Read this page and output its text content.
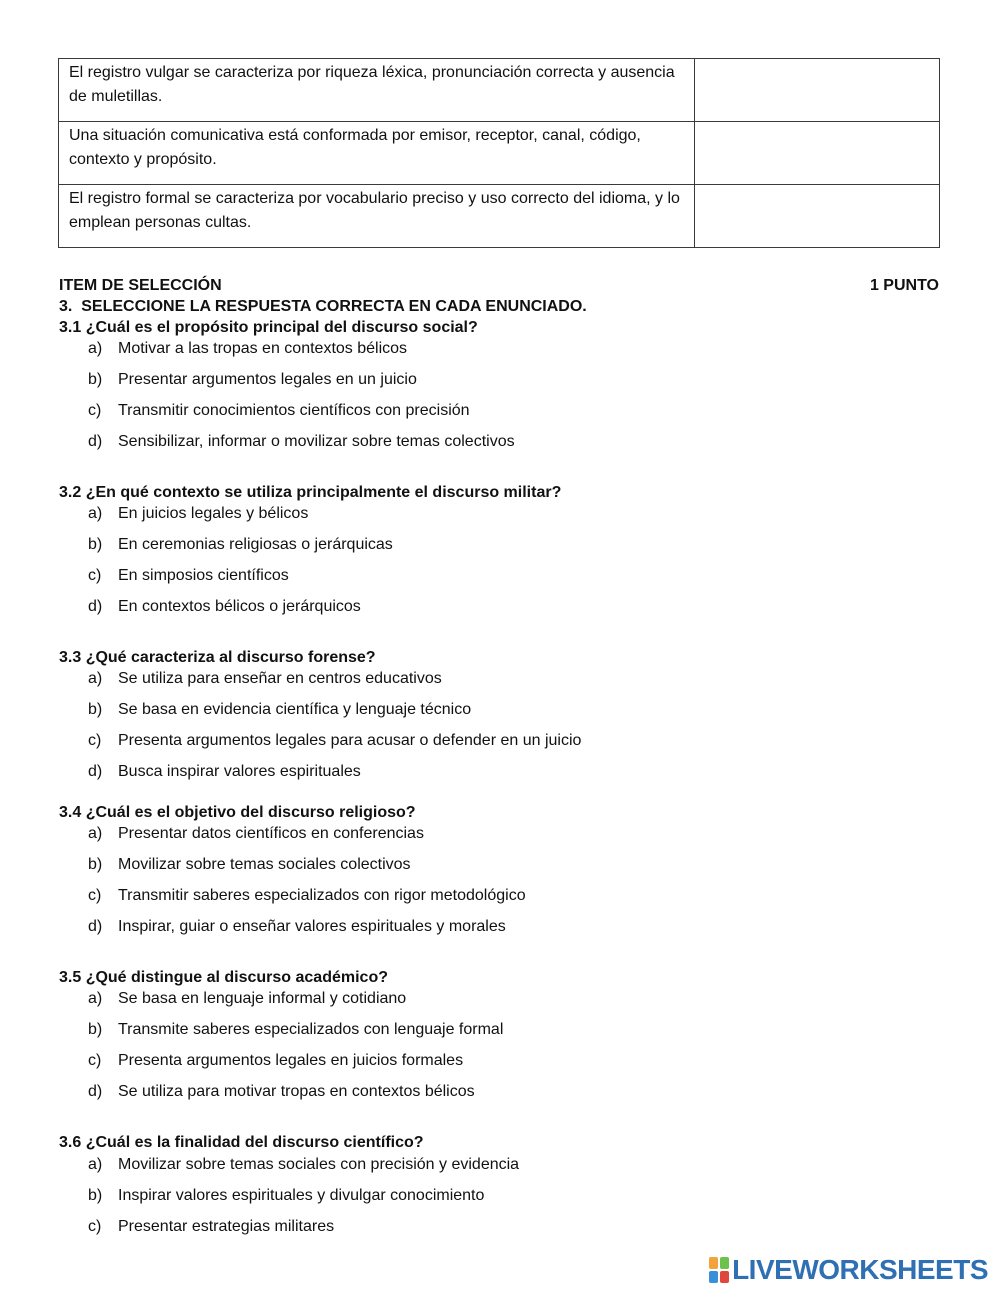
El registro vulgar se caracteriza por riqueza léxica, pronunciación correcta y ausencia de muletillas.	

Una situación comunicativa está conformada por emisor, receptor, canal, código, contexto y propósito.	

El registro formal se caracteriza por vocabulario preciso y uso correcto del idioma, y lo emplean personas cultas.	
ITEM DE SELECCIÓN	1 PUNTO
3.  SELECCIONE LA RESPUESTA CORRECTA EN CADA ENUNCIADO.
3.1 ¿Cuál es el propósito principal del discurso social?
a) Motivar a las tropas en contextos bélicos
b) Presentar argumentos legales en un juicio
c) Transmitir conocimientos científicos con precisión
d) Sensibilizar, informar o movilizar sobre temas colectivos
3.2 ¿En qué contexto se utiliza principalmente el discurso militar?
a) En juicios legales y bélicos
b) En ceremonias religiosas o jerárquicas
c) En simposios científicos
d) En contextos bélicos o jerárquicos
3.3 ¿Qué caracteriza al discurso forense?
a) Se utiliza para enseñar en centros educativos
b) Se basa en evidencia científica y lenguaje técnico
c) Presenta argumentos legales para acusar o defender en un juicio
d) Busca inspirar valores espirituales
3.4 ¿Cuál es el objetivo del discurso religioso?
a) Presentar datos científicos en conferencias
b) Movilizar sobre temas sociales colectivos
c) Transmitir saberes especializados con rigor metodológico
d) Inspirar, guiar o enseñar valores espirituales y morales
3.5 ¿Qué distingue al discurso académico?
a) Se basa en lenguaje informal y cotidiano
b) Transmite saberes especializados con lenguaje formal
c) Presenta argumentos legales en juicios formales
d) Se utiliza para motivar tropas en contextos bélicos
3.6 ¿Cuál es la finalidad del discurso científico?
a) Movilizar sobre temas sociales con precisión y evidencia
b) Inspirar valores espirituales y divulgar conocimiento
c) Presentar estrategias militares
LIVEWORKSHEETS
